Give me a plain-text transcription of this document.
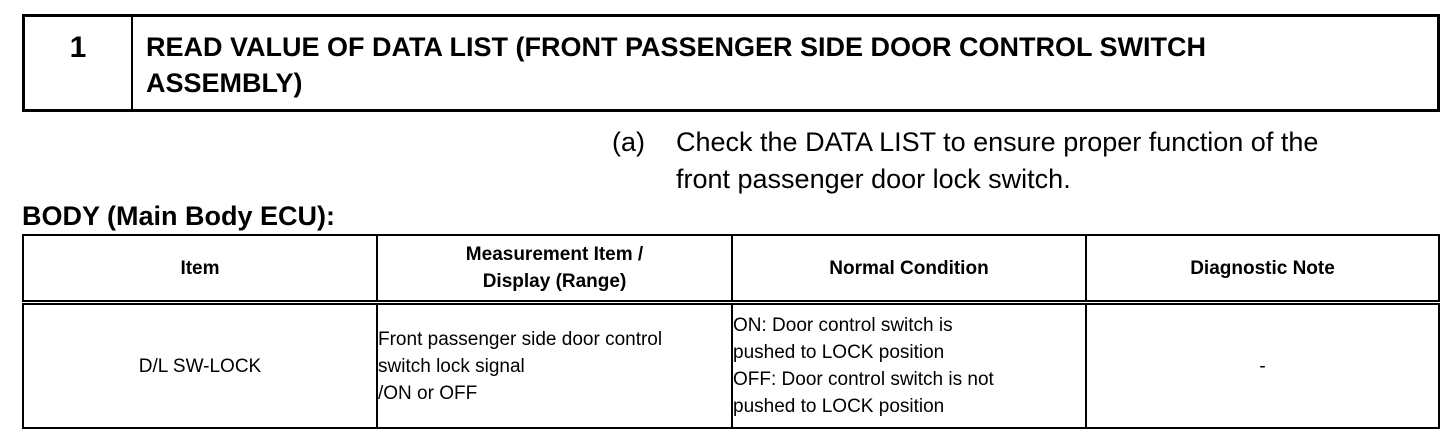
1	READ VALUE OF DATA LIST (FRONT PASSENGER SIDE DOOR CONTROL SWITCH
ASSEMBLY)
(a)	Check the DATA LIST to ensure proper function of the
front passenger door lock switch.
BODY (Main Body ECU):
Item	Measurement Item /
Display (Range)	Normal Condition	Diagnostic Note
D/L SW-LOCK	Front passenger side door control
switch lock signal
/ON or OFF	ON: Door control switch is
pushed to LOCK position
OFF: Door control switch is not
pushed to LOCK position	-
